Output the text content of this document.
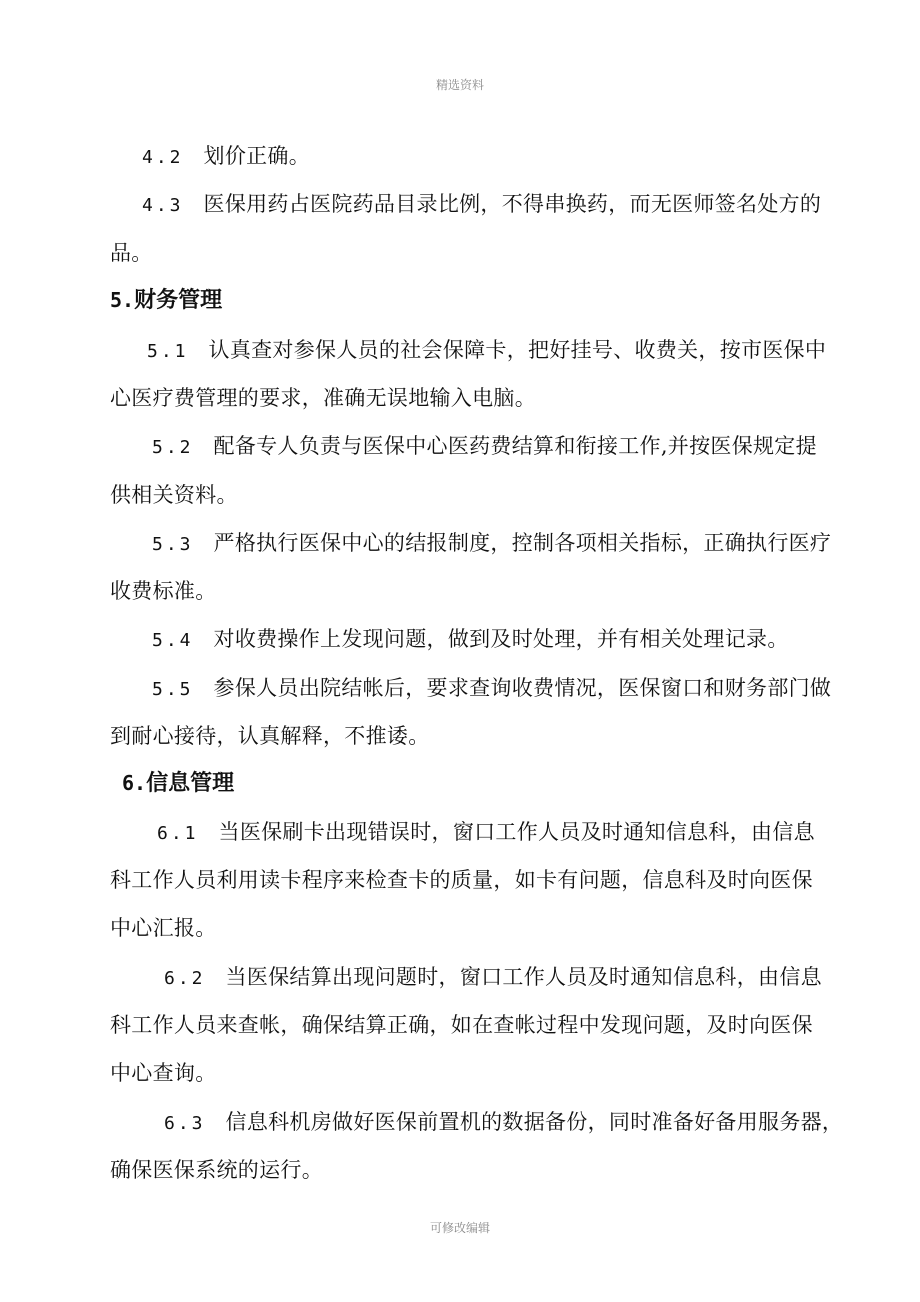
精选资料
4.2 划价正确。
4.3 医保用药占医院药品目录比例，不得串换药，而无医师签名处方的
品。
5.财务管理
5.1 认真查对参保人员的社会保障卡，把好挂号、收费关，按市医保中
心医疗费管理的要求，准确无误地输入电脑。
5.2 配备专人负责与医保中心医药费结算和衔接工作,并按医保规定提
供相关资料。
5.3 严格执行医保中心的结报制度，控制各项相关指标，正确执行医疗
收费标准。
5.4 对收费操作上发现问题，做到及时处理，并有相关处理记录。
5.5 参保人员出院结帐后，要求查询收费情况，医保窗口和财务部门做
到耐心接待，认真解释，不推诿。
6.信息管理
6.1 当医保刷卡出现错误时，窗口工作人员及时通知信息科，由信息
科工作人员利用读卡程序来检查卡的质量，如卡有问题，信息科及时向医保
中心汇报。
6.2 当医保结算出现问题时，窗口工作人员及时通知信息科，由信息
科工作人员来查帐，确保结算正确，如在查帐过程中发现问题，及时向医保
中心查询。
6.3 信息科机房做好医保前置机的数据备份，同时准备好备用服务器，
确保医保系统的运行。
可修改编辑
